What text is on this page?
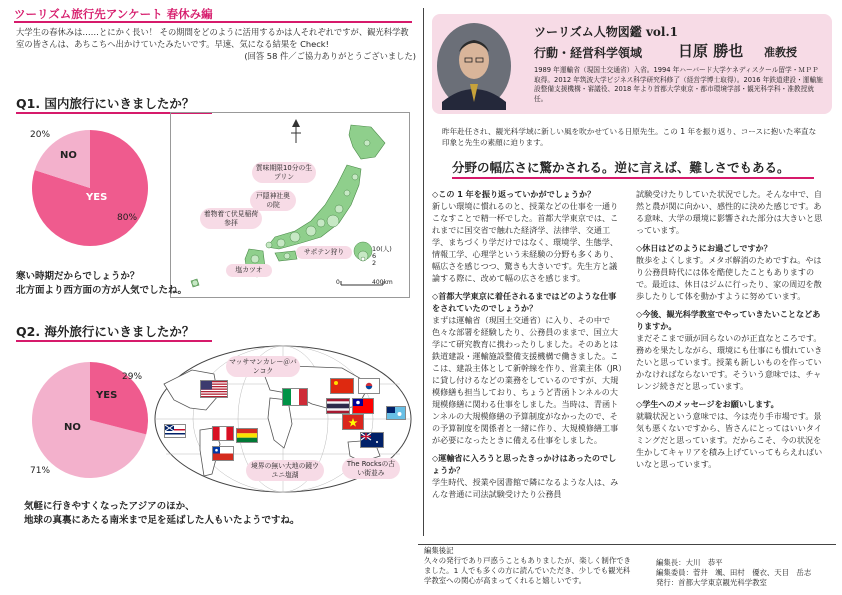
ツーリズム旅行先アンケート 春休み編
大学生の春休みは……とにかく長い！ その期間をどのように活用するかは人それぞれですが、観光科学教室の皆さんは、あちこちへ出かけていたみたいです。早速、気になる結果を Check!
(回答 58 件／ご協力ありがとうございました)
Q1. 国内旅行にいきましたか？
20%
NO
YES
80%
質味期限10分の生プリン
戸隠神社奥の院
着物着て伏見稲荷参拝
サポテン狩り
塩カツオ
10(人)
6
2
0	400km
寒い時期だからでしょうか？
北方面より西方面の方が人気でしたね。
Q2. 海外旅行にいきましたか？
YES
29%
NO
71%
マッサマンカレー＠バンコク
境界の無い大地の鏡ウユニ塩湖
The Rocksの古い街並み
気軽に行きやすくなったアジアのほか、
地球の真裏にあたる南米まで足を延ばした人もいたようですね。
ツーリズム人物図鑑 vol.1
行動・経営科学領域 日原 勝也 准教授
1989 年運輸省（現国土交通省）入省。1994 年ハーバード大学ケネディスクール留学・ＭＰＰ取得。2012 年筑波大学ビジネス科学研究科修了（経営学博士取得）。2016 年鉄道建設・運輸施設整備支援機構・審議役、2018 年より首都大学東京・都市環境学部・観光科学科・准教授就任。
昨年赴任され、観光科学域に新しい風を吹かせている日原先生。この 1 年を振り返り、コースに抱いた率直な印象と先生の素顔に迫ります。
分野の幅広さに驚かされる。逆に言えば、難しさでもある。

◇この 1 年を振り返っていかがでしょうか？
新しい環境に慣れるのと、授業などの仕事を一通りこなすことで精一杯でした。首都大学東京では、これまでに国交省で触れた経済学、法律学、交通工学、まちづくり学だけではなく、環境学、生態学、情報工学、心理学という未経験の分野も多くあり、幅広さを感じつつ、驚きも大きいです。先生方と議論する際に、改めて幅の広さを感じます。

◇首都大学東京に着任されるまではどのような仕事をされていたのでしょうか？
まずは運輸省（現国土交通省）に入り、その中で色々な部署を経験したり、公務員のままで、国立大学にて研究教育に携わったりしました。そのあとは鉄道建設・運輸施設整備支援機構で働きました。ここは、建設主体として新幹線を作り、営業主体（JR）に貸し付けるなどの業務をしているのですが、大規模修繕も担当しており、ちょうど青函トンネルの大規模修繕に関わる仕事をしました。当時は、青函トンネルの大規模修繕の予算制度がなかったので、その予算制度を関係者と一緒に作り、大規模修繕工事が必要になったときに備える仕事をしました。

◇運輸省に入ろうと思ったきっかけはあったのでしょうか？
学生時代、授業や図書館で隣になるような人は、みんな普通に司法試験受けたり公務員

試験受けたりしていた状況でした。そんな中で、自然と農が関に向かい、感性的に決めた感じです。ある意味、大学の環境に影響された部分は大きいと思っています。

◇休日はどのようにお過ごしですか？
散歩をよくします。メタボ解消のためですね。やはり公務員時代には体を酷使したこともありますので。最近は、休日はジムに行ったり、家の周辺を散歩したりして体を動かすように努めています。

◇今後、観光科学教室でやっていきたいことなどありますか。
まだそこまで頭が回らないのが正直なところです。務めを果たしながら、環境にも仕事にも慣れていきたいと思っています。授業も新しいものを作っていかなければならないです。そういう意味では、チャレンジ続きだと思っています。

◇学生へのメッセージをお願いします。
就職状況という意味では、今は売り手市場です。景気も悪くないですから、皆さんにとってはいいタイミングだと思っています。だからこそ、今の状況を生かしてキャリアを積み上げていってもらえればいいなと思っています。

編集後記
久々の発行であり戸惑うこともありましたが、楽しく制作できました。1 人でも多くの方に読んでいただき、少しでも観光科学教室への関心が高まってくれると嬉しいです。
編集長：大川　恭平
編集委員：菅井　颯、田村　優衣、天目　岳志
発行：首都大学東京観光科学教室
